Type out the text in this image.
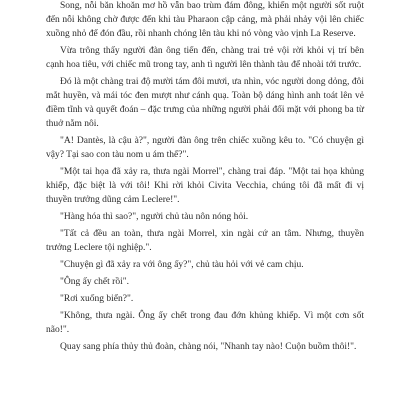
Song, nỗi băn khoăn mơ hồ vẫn bao trùm đám đông, khiến một người sốt ruột đến nỗi không chờ được đến khi tàu Pharaon cập cảng, mà phải nhảy vội lên chiếc xuồng nhỏ để đón đầu, rồi nhanh chóng lên tàu khi nó vòng vào vịnh La Reserve.

Vừa trông thấy người đàn ông tiến đến, chàng trai trẻ vội rời khỏi vị trí bên cạnh hoa tiêu, với chiếc mũ trong tay, anh tì người lên thành tàu để nhoài tới trước.

Đó là một chàng trai độ mười tám đôi mươi, ưa nhìn, vóc người dong dỏng, đôi mắt huyền, và mái tóc đen mượt như cánh quạ. Toàn bộ dáng hình anh toát lên vẻ điềm tĩnh và quyết đoán – đặc trưng của những người phải đối mặt với phong ba từ thuở nằm nôi.

"A! Dantès, là cậu à?", người đàn ông trên chiếc xuồng kêu to. "Có chuyện gì vậy? Tại sao con tàu nom u ám thế?".

"Một tai họa đã xảy ra, thưa ngài Morrel", chàng trai đáp. "Một tai họa khủng khiếp, đặc biệt là với tôi! Khi rời khỏi Civita Vecchia, chúng tôi đã mất đi vị thuyền trưởng dũng cảm Leclere!".

"Hàng hóa thì sao?", người chủ tàu nôn nóng hỏi.

"Tất cả đều an toàn, thưa ngài Morrel, xin ngài cứ an tâm. Nhưng, thuyền trưởng Leclere tội nghiệp.".

"Chuyện gì đã xảy ra với ông ấy?", chủ tàu hỏi với vẻ cam chịu.

"Ông ấy chết rồi".

"Rơi xuống biển?".

"Không, thưa ngài. Ông ấy chết trong đau đớn khủng khiếp. Vì một cơn sốt não!".

Quay sang phía thủy thủ đoàn, chàng nói, "Nhanh tay nào! Cuộn buồm thôi!".
